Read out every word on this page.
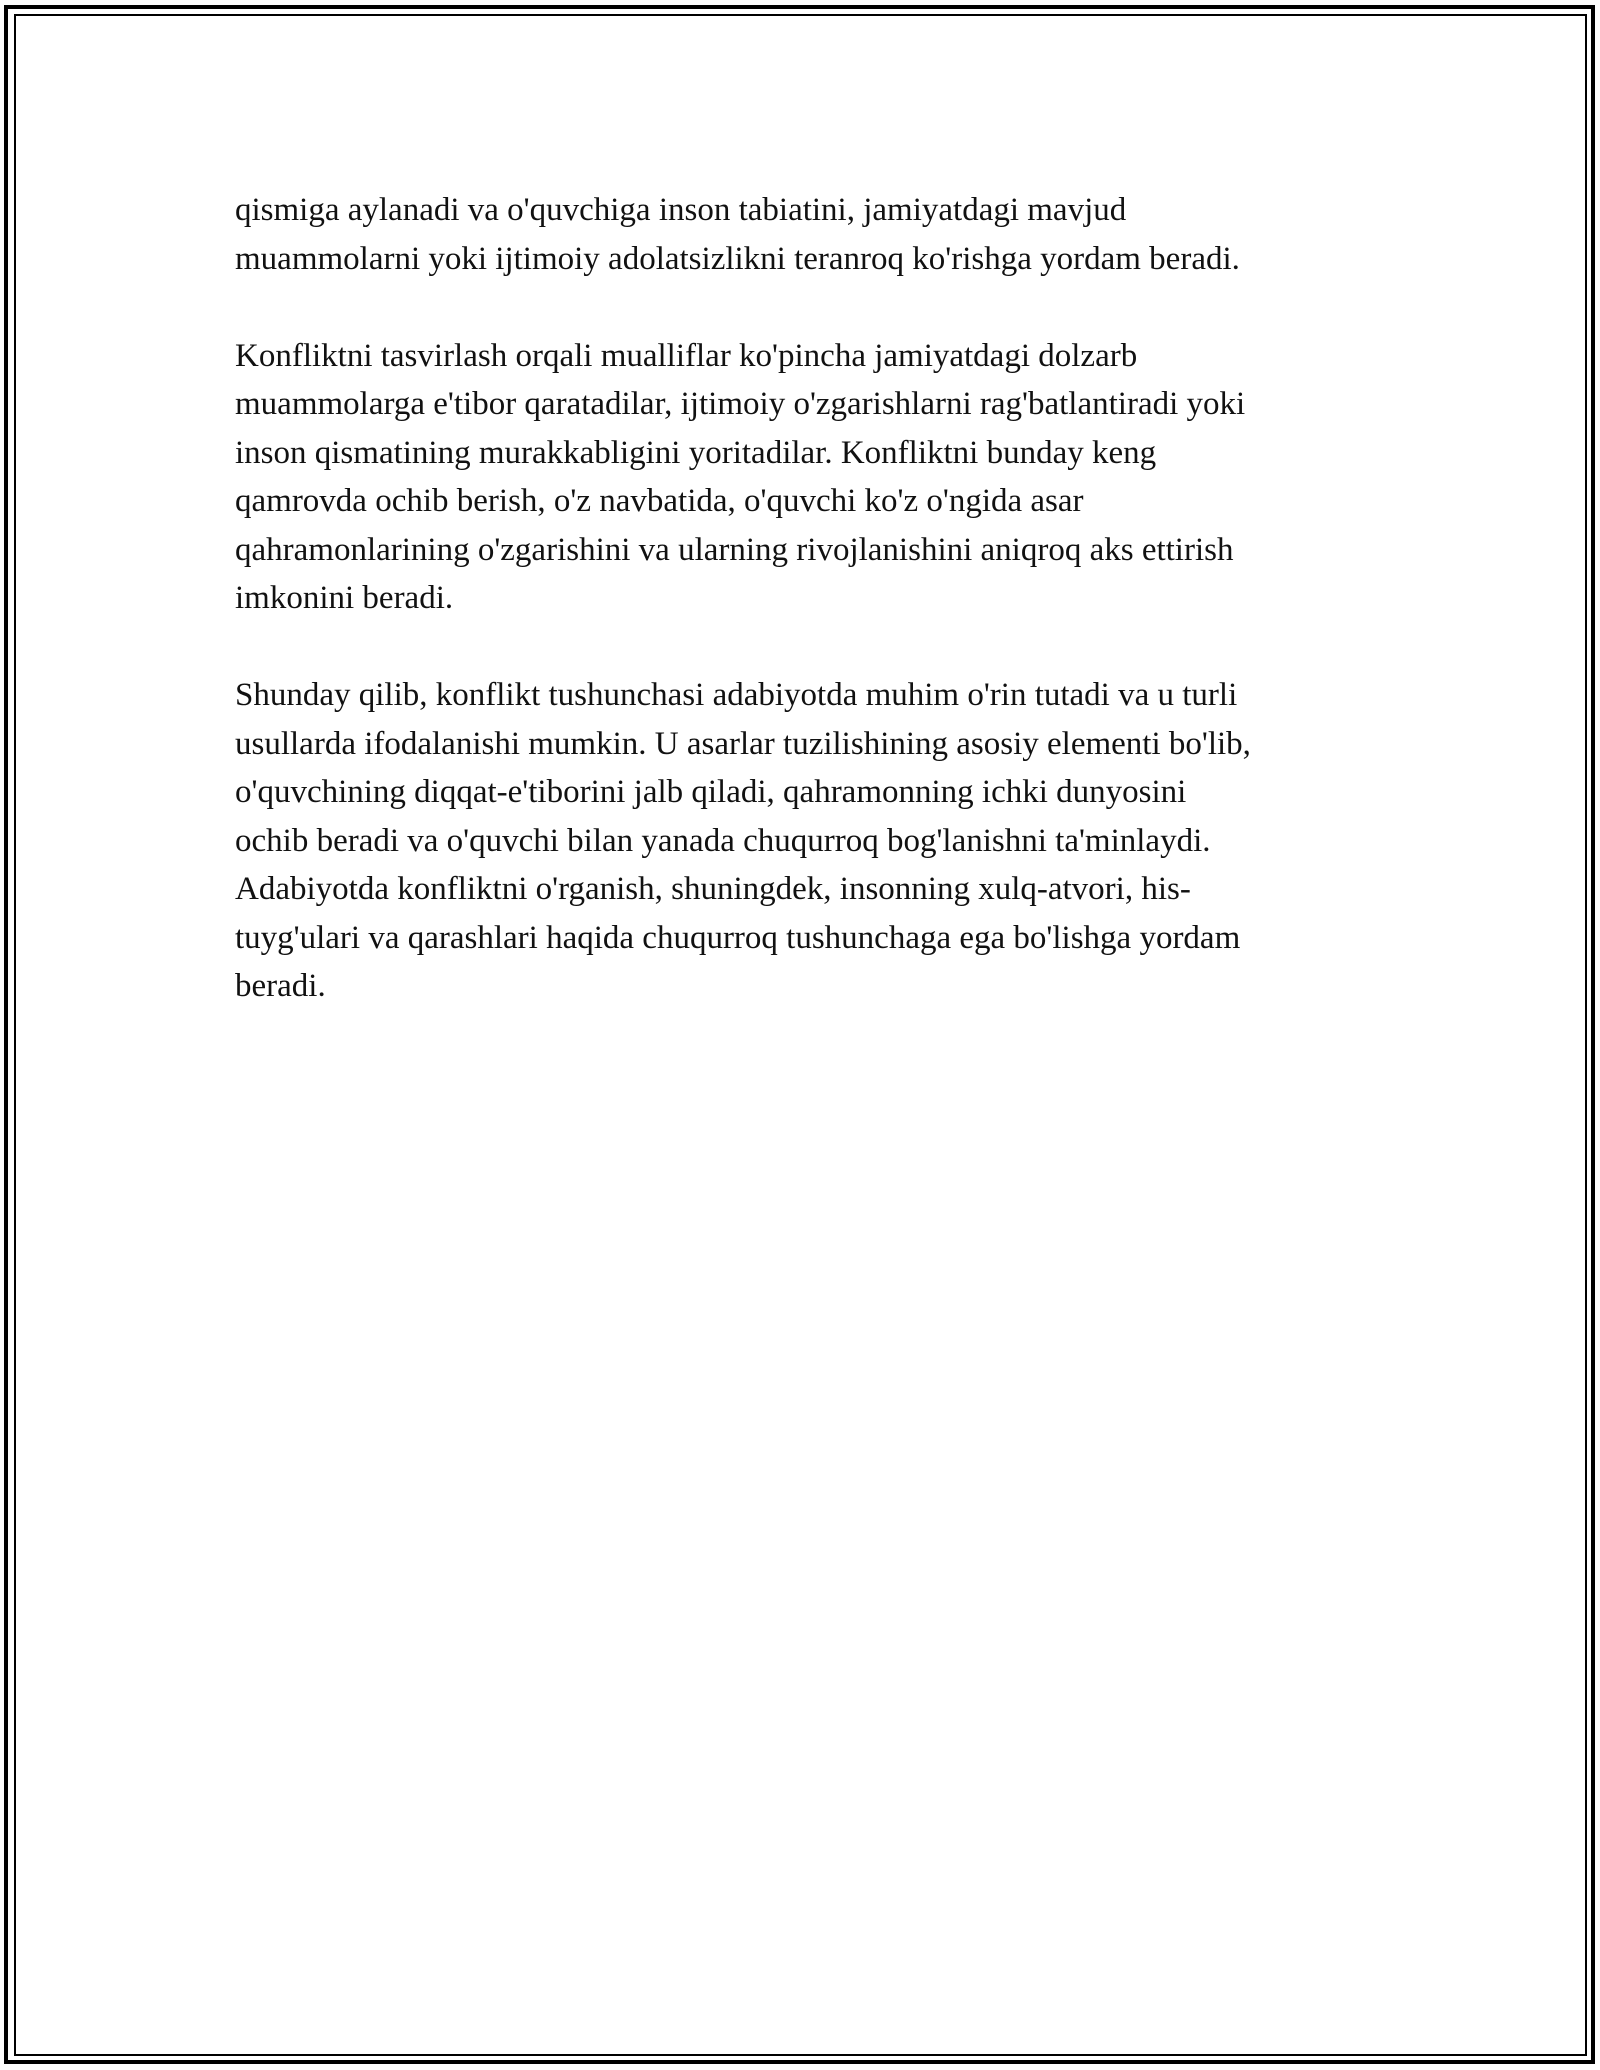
qismiga aylanadi va o'quvchiga inson tabiatini, jamiyatdagi mavjud
muammolarni yoki ijtimoiy adolatsizlikni teranroq ko'rishga yordam beradi.

Konfliktni tasvirlash orqali mualliflar ko'pincha jamiyatdagi dolzarb
muammolarga e'tibor qaratadilar, ijtimoiy o'zgarishlarni rag'batlantiradi yoki
inson qismatining murakkabligini yoritadilar. Konfliktni bunday keng
qamrovda ochib berish, o'z navbatida, o'quvchi ko'z o'ngida asar
qahramonlarining o'zgarishini va ularning rivojlanishini aniqroq aks ettirish
imkonini beradi.

Shunday qilib, konflikt tushunchasi adabiyotda muhim o'rin tutadi va u turli
usullarda ifodalanishi mumkin. U asarlar tuzilishining asosiy elementi bo'lib,
o'quvchining diqqat-e'tiborini jalb qiladi, qahramonning ichki dunyosini
ochib beradi va o'quvchi bilan yanada chuqurroq bog'lanishni ta'minlaydi.
Adabiyotda konfliktni o'rganish, shuningdek, insonning xulq-atvori, his-
tuyg'ulari va qarashlari haqida chuqurroq tushunchaga ega bo'lishga yordam
beradi.
